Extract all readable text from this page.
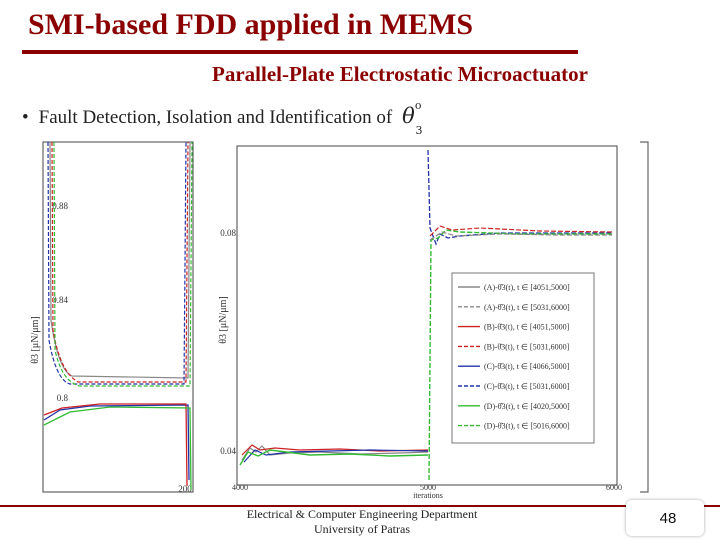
SMI-based FDD applied in MEMS
Parallel-Plate Electrostatic Microactuator
• Fault Detection, Isolation and Identification of $\theta^o_3$
θ3 [μN/μm]
0.88
0.84
0.8
200
θ3 [μN/μm]
0.08
0.04
4000	5000	6000
iterations
(A)-θ̂3(t), t ∈ [4051,5000]
(A)-θ̂3(t), t ∈ [5031,6000]
(B)-θ̂3(t), t ∈ [4051,5000]
(B)-θ̂3(t), t ∈ [5031,6000]
(C)-θ̂3(t), t ∈ [4066,5000]
(C)-θ̂3(t), t ∈ [5031,6000]
(D)-θ̂3(t), t ∈ [4020,5000]
(D)-θ̂3(t), t ∈ [5016,6000]
Electrical & Computer Engineering Department
University of Patras
48
